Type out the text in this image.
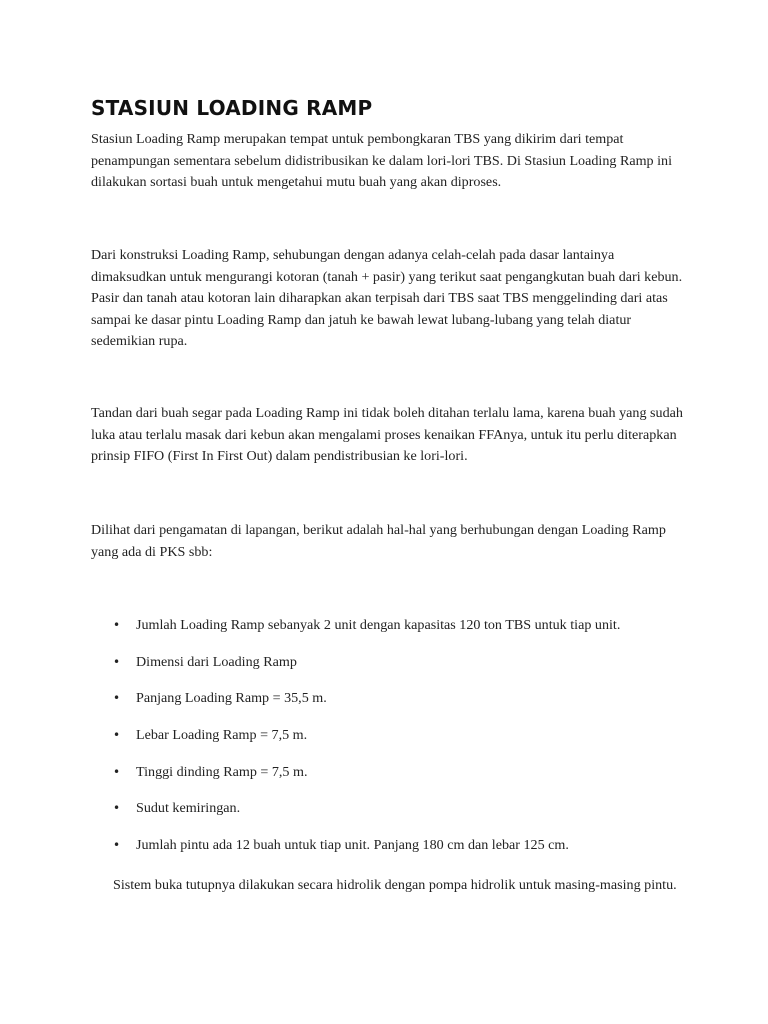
STASIUN LOADING RAMP

Stasiun Loading Ramp merupakan tempat untuk pembongkaran TBS yang dikirim dari tempat penampungan sementara sebelum didistribusikan ke dalam lori-lori TBS. Di Stasiun Loading Ramp ini dilakukan sortasi buah untuk mengetahui mutu buah yang akan diproses.

Dari konstruksi Loading Ramp, sehubungan dengan adanya celah-celah pada dasar lantainya dimaksudkan untuk mengurangi kotoran (tanah + pasir) yang terikut saat pengangkutan buah dari kebun. Pasir dan tanah atau kotoran lain diharapkan akan terpisah dari TBS saat TBS menggelinding dari atas sampai ke dasar pintu Loading Ramp dan jatuh ke bawah lewat lubang-lubang yang telah diatur sedemikian rupa.

Tandan dari buah segar pada Loading Ramp ini tidak boleh ditahan terlalu lama, karena buah yang sudah luka atau terlalu masak dari kebun akan mengalami proses kenaikan FFAnya, untuk itu perlu diterapkan prinsip FIFO (First In First Out) dalam pendistribusian ke lori-lori.

Dilihat dari pengamatan di lapangan, berikut adalah hal-hal yang berhubungan dengan Loading Ramp yang ada di PKS sbb:

• Jumlah Loading Ramp sebanyak 2 unit dengan kapasitas 120 ton TBS untuk tiap unit.
• Dimensi dari Loading Ramp
• Panjang Loading Ramp = 35,5 m.
• Lebar Loading Ramp = 7,5 m.
• Tinggi dinding Ramp = 7,5 m.
• Sudut kemiringan.
• Jumlah pintu ada 12 buah untuk tiap unit. Panjang 180 cm dan lebar 125 cm.

Sistem buka tutupnya dilakukan secara hidrolik dengan pompa hidrolik untuk masing-masing pintu.
